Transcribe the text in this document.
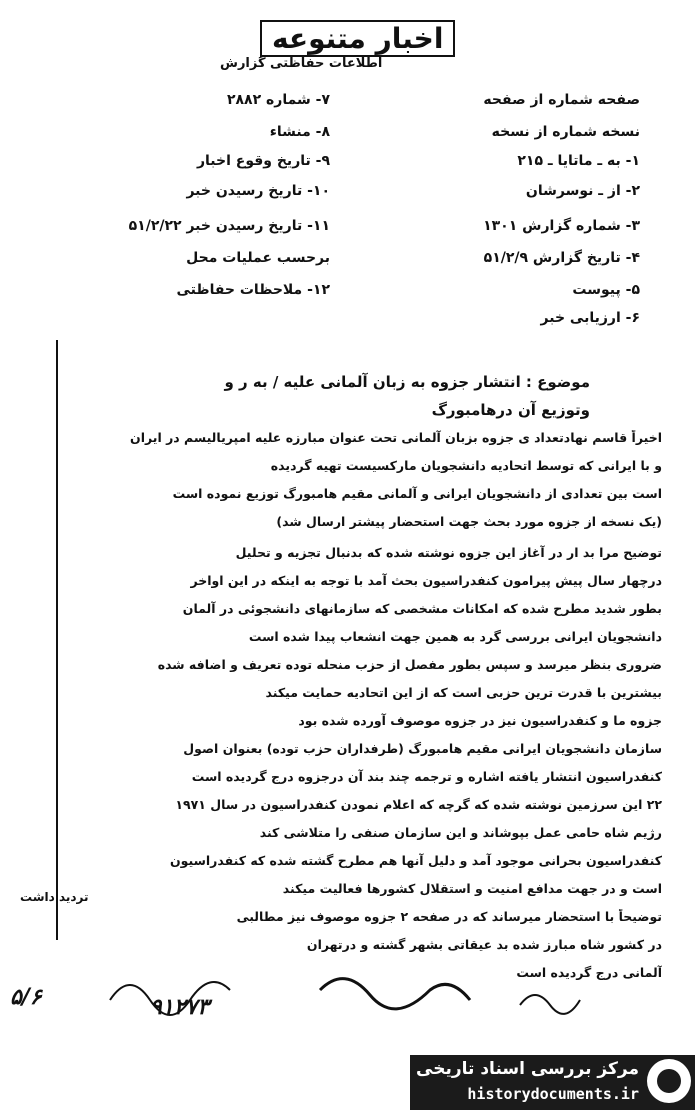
اخبار متنوعه
اطلاعات حفاظتی گزارش
صفحه شماره از صفحه
نسخه شماره از نسخه
۱- به ـ ماتایا ـ ۲۱۵
۲- از ـ نوسرشان
۳- شماره گزارش ۱۳۰۱
۴- تاریخ گزارش ۵۱/۲/۹
۵- پیوست
۶- ارزیابی خبر
۷- شماره ۲۸۸۲
۸- منشاء
۹- تاریخ وقوع اخبار
۱۰- تاریخ رسیدن خبر
۱۱- تاریخ رسیدن خبر ۵۱/۲/۲۲
برحسب عملیات محل
۱۲- ملاحظات حفاظتی
موضوع : انتشار جزوه به زبان آلمانی علیه / به ر و
وتوزیع آن درهامبورگ
اخیراً قاسم نهادتعداد ی جزوه بزبان آلمانی تحت عنوان مبارزه علیه امپریالیسم در ایران
و با ایرانی که توسط اتحادیه دانشجویان مارکسیست تهیه گردیده
است بین تعدادی از دانشجویان ایرانی و آلمانی مقیم هامبورگ توزیع نموده است
(یک نسخه از جزوه مورد بحث جهت استحضار پیشتر ارسال شد)
توضیح مرا بد ار در آغاز این جزوه نوشته شده که بدنبال تجزیه و تحلیل
درچهار سال پیش پیرامون کنفدراسیون بحث آمد با توجه به اینکه در این اواخر
بطور شدید مطرح شده که امکانات مشخصی که سازمانهای دانشجوئی در آلمان
دانشجویان ایرانی بررسی گرد به همین جهت انشعاب پیدا شده است
ضروری بنظر میرسد و سپس بطور مفصل از حزب منحله توده تعریف و اضافه شده
بیشترین با قدرت ترین حزبی است که از این اتحادیه حمایت میکند
جزوه ما و کنفدراسیون نیز در جزوه موصوف آورده شده بود
سازمان دانشجویان ایرانی مقیم هامبورگ (طرفداران حزب توده) بعنوان اصول
کنفدراسیون انتشار یافته اشاره و ترجمه چند بند آن درجزوه درج گردیده است
۲۲ این سرزمین نوشته شده که گرچه که اعلام نمودن کنفدراسیون در سال ۱۹۷۱
رژیم شاه حامی عمل بپوشاند و این سازمان صنفی را متلاشی کند
کنفدراسیون بحرانی موجود آمد و دلیل آنها هم مطرح گشته شده که کنفدراسیون
است و در جهت مدافع امنیت و استقلال کشورها فعالیت میکند
توضیحاً با استحضار میرساند که در صفحه ۲ جزوه موصوف نیز مطالبی
در کشور شاه مبارز شده بد عیقاتی بشهر گشته و درتهران
آلمانی درج گردیده است
تردید داشت
۹۱۲۷۳
۵/۶
مرکز بررسی اسناد تاریخی
historydocuments.ir
